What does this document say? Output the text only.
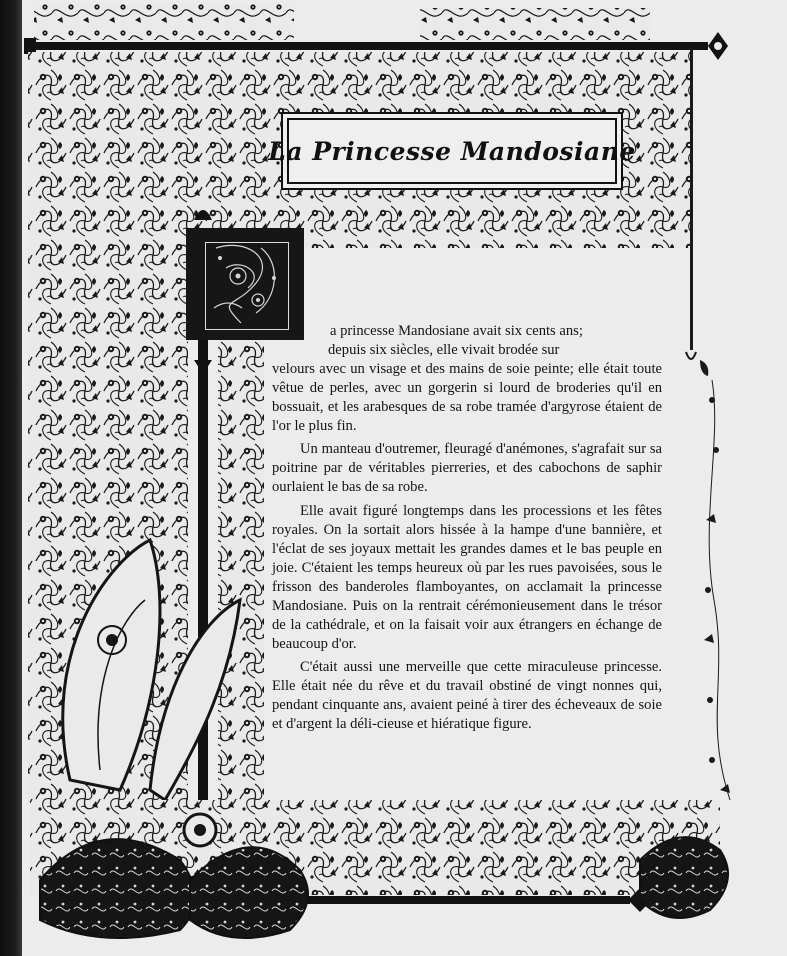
La Princesse Mandosiane

a princesse Mandosiane avait six cents ans;
depuis six siècles, elle vivait brodée sur
velours avec un visage et des mains de soie peinte; elle était toute vêtue de perles, avec un gorgerin si lourd de broderies qu'il en bossuait, et les arabesques de sa robe tramée d'argyrose étaient de l'or le plus fin.

Un manteau d'outremer, fleuragé d'anémones, s'agrafait sur sa poitrine par de véritables pierreries, et des cabochons de saphir ourlaient le bas de sa robe.

Elle avait figuré longtemps dans les processions et les fêtes royales. On la sortait alors hissée à la hampe d'une bannière, et l'éclat de ses joyaux mettait les grandes dames et le bas peuple en joie. C'étaient les temps heureux où par les rues pavoisées, sous le frisson des banderoles flamboyantes, on acclamait la princesse Mandosiane. Puis on la rentrait cérémonieusement dans le trésor de la cathédrale, et on la faisait voir aux étrangers en échange de beaucoup d'or.

C'était aussi une merveille que cette miraculeuse princesse. Elle était née du rêve et du travail obstiné de vingt nonnes qui, pendant cinquante ans, avaient peiné à tirer des écheveaux de soie et d'argent la déli-cieuse et hiératique figure.
